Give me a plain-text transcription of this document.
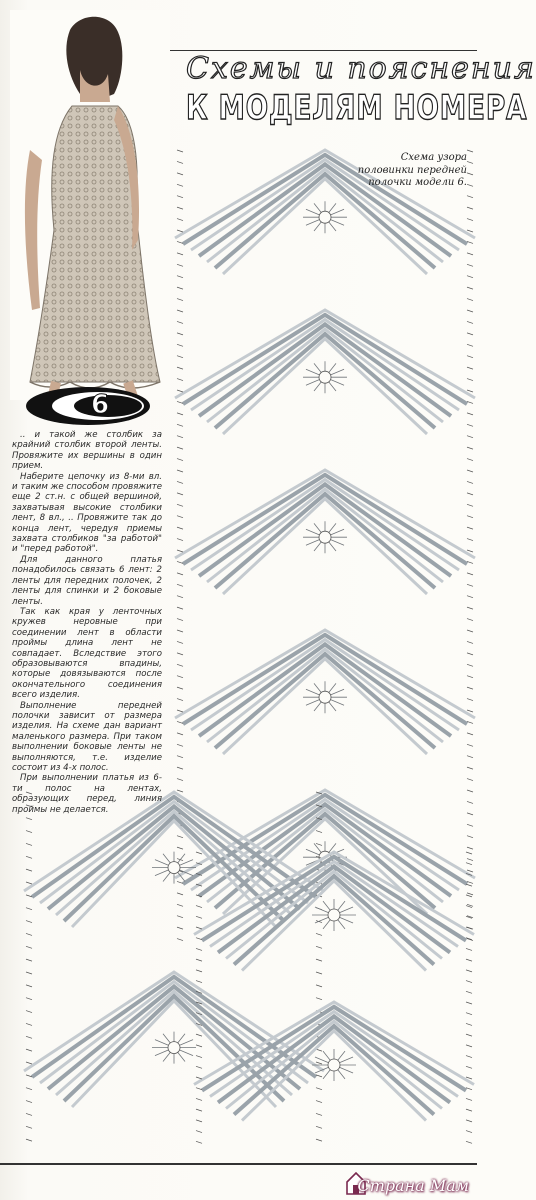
Схемы и пояснения
К МОДЕЛЯМ НОМЕРА
Схема узора половинки передней полочки модели 6.
6

.. и такой же столбик за крайний столбик второй ленты. Провяжите их вершины в один прием.

Наберите цепочку из 8-ми вл. и таким же способом провяжите еще 2 ст.н. с общей вершиной, захватывая высокие столбики лент, 8 вл., .. Провяжите так до конца лент, чередуя приемы захвата столбиков "за работой" и "перед работой".

Для данного платья понадобилось связать 6 лент: 2 ленты для передних полочек, 2 ленты для спинки и 2 боковые ленты.

Так как края у ленточных кружев неровные при соединении лент в области проймы длина лент не совпадает. Вследствие этого образовываются впадины, которые довязываются после окончательного соединения всего изделия.

Выполнение передней полочки зависит от размера изделия. На схеме дан вариант маленького размера. При таком выполнении боковые ленты не выполняются, т.е. изделие состоит из 4-х полос.

При выполнении платья из 6-ти полос на лентах, образующих перед, линия проймы не делается.

Страна Мам
